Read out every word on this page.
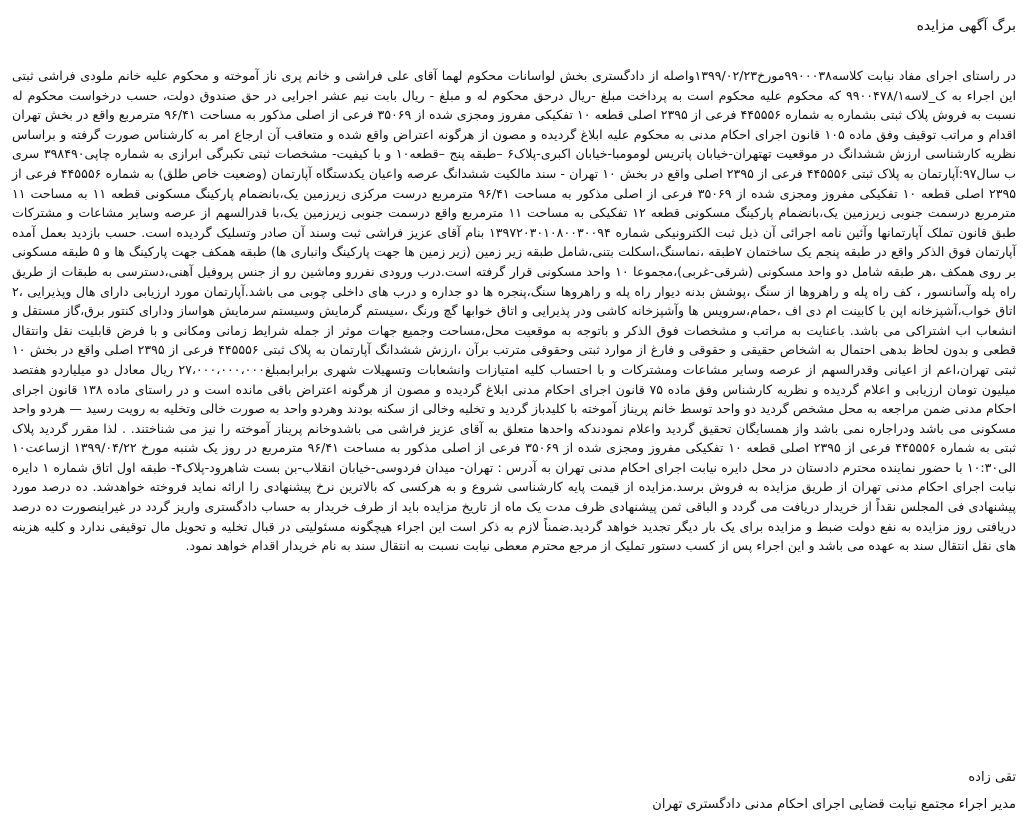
برگ آگهی مزایده

در راستای اجرای مفاد نیابت کلاسه۹۹۰۰۰۳۸مورخ۱۳۹۹/۰۲/۲۳واصله از دادگستری بخش لواسانات محکوم لهما آقای علی فراشی و خانم پری ناز آموخته و محکوم علیه خانم ملودی فراشی ثبتی این اجراء به ک_لاسه۹۹۰۰۴۷۸/۱ که محکوم علیه محکوم است به پرداخت مبلغ -ریال درحق محکوم له و مبلغ - ریال بابت نیم عشر اجرایی در حق صندوق دولت، حسب درخواست محکوم له نسبت به فروش پلاک ثبتی بشماره به شماره ۴۴۵۵۵۶ فرعی از ۲۳۹۵ اصلی قطعه ۱۰ تفکیکی مفروز ومجزی شده از ۳۵۰۶۹ فرعی از اصلی مذکور به مساحت ۹۶/۴۱ مترمربع واقع در بخش تهران اقدام و مراتب توقیف وفق ماده ۱۰۵ قانون اجرای احکام مدنی به محکوم علیه ابلاغ گردیده و مصون از هرگونه اعتراض واقع شده و متعاقب آن ارجاع امر به کارشناس صورت گرفته و براساس نظریه کارشناسی ارزش ششدانگ در موقعیت تهتهران-خیابان پاتریس لومومبا-خیابان اکبری-پلاک۶ –طبقه پنج –قطعه۱۰ و با کیفیت- مشخصات ثبتی تکبرگی ابرازی به شماره چاپی۳۹۸۴۹۰ سری ب سال۹۷:آپارتمان به پلاک ثبتی ۴۴۵۵۵۶ فرعی از ۲۳۹۵ اصلی واقع در بخش ۱۰ تهران - سند مالکیت ششدانگ عرصه واعیان یکدستگاه آپارتمان (وضعیت خاص طلق) به شماره ۴۴۵۵۵۶ فرعی از ۲۳۹۵ اصلی قطعه ۱۰ تفکیکی مفروز ومجزی شده از ۳۵۰۶۹ فرعی از اصلی مذکور به مساحت ۹۶/۴۱ مترمربع درست مرکزی زیرزمین یک،بانضمام پارکینگ مسکونی قطعه ۱۱ به مساحت ۱۱ مترمربع درسمت جنوبی زیرزمین یک،بانضمام پارکینگ مسکونی قطعه ۱۲ تفکیکی به مساحت ۱۱ مترمربع واقع درسمت جنوبی زیرزمین یک،با قدرالسهم از عرصه وسایر مشاعات و مشترکات طبق قانون تملک آپارتمانها وآئین نامه اجرائی آن ذیل ثبت الکترونیکی شماره ۱۳۹۷۲۰۳۰۱۰۸۰۰۳۰۰۹۴ بنام آقای عزیز فراشی ثبت وسند آن صادر وتسلیک گردیده است. حسب بازدید بعمل آمده آپارتمان فوق الذکر واقع در طبقه پنجم یک ساختمان ۷طبقه ،نماسنگ،اسکلت بتنی،شامل طبقه زیر زمین (زیر زمین ها جهت پارکینگ وانباری ها) طبقه همکف جهت پارکینگ ها و ۵ طبقه مسکونی بر روی همکف ،هر طبقه شامل دو واحد مسکونی (شرقی-غربی)،مجموعا ۱۰ واحد مسکونی قرار گرفته است.درب ورودی نفررو وماشین رو از جنس پروفیل آهنی،دسترسی به طبقات از طریق راه پله وآسانسور ، کف راه پله و راهروها از سنگ ،پوشش بدنه دیوار راه پله و راهروها سنگ،پنجره ها دو جداره و درب های داخلی چوبی می باشد.آپارتمان مورد ارزیابی دارای هال وپذیرایی ،۲ اتاق خواب،آشپزخانه اپن با کابینت ام دی اف ،حمام،سرویس ها وآشپزخانه کاشی ودر پذیرایی و اتاق خوابها گچ ورنگ ،سیستم گرمایش وسیستم سرمایش هواساز ودارای کنتور برق،گاز مستقل و انشعاب اب اشتراکی می باشد. باعنایت به مراتب و مشخصات فوق الذکر و باتوجه به موقعیت محل،مساحت وجمیع جهات موثر از جمله شرایط زمانی ومکانی و با فرض قابلیت نقل وانتقال قطعی و بدون لحاظ بدهی احتمال به اشخاص حقیقی و حقوقی و فارغ از موارد ثبتی وحقوقی مترتب برآن ،ارزش ششدانگ آپارتمان به پلاک ثبتی ۴۴۵۵۵۶ فرعی از ۲۳۹۵ اصلی واقع در بخش ۱۰ ثبتی تهران،اعم از اعیانی وقدرالسهم از عرصه وسایر مشاعات ومشترکات و با احتساب کلیه امتیازات وانشعابات وتسهیلات شهری برابرابمبلغ۲۷،۰۰۰،۰۰۰،۰۰۰ ریال معادل دو میلیاردو هفتصد میلیون تومان ارزیابی و اعلام گردیده و نظریه کارشناس وفق ماده ۷۵ قانون اجرای احکام مدنی ابلاغ گردیده و مصون از هرگونه اعتراض باقی مانده است و در راستای ماده ۱۳۸ قانون اجرای احکام مدنی ضمن مراجعه به محل مشخص گردید دو واحد توسط خانم پریناز آموخته با کلیدباز گردید و تخلیه وخالی از سکنه بودند وهردو واحد به صورت خالی وتخلیه به رویت رسید — هردو واحد مسکونی می باشد ودراجاره نمی باشد واز همسایگان تحقیق گردید واعلام نمودندکه واحدها متعلق به آقای عزیز فراشی می باشدوخانم پریناز آموخته را نیز می شناختند. . لذا مقرر گردید پلاک ثبتی به شماره ۴۴۵۵۵۶ فرعی از ۲۳۹۵ اصلی قطعه ۱۰ تفکیکی مفروز ومجزی شده از ۳۵۰۶۹ فرعی از اصلی مذکور به مساحت ۹۶/۴۱ مترمربع در روز یک شنبه مورخ ۱۳۹۹/۰۴/۲۲ ازساعت۱۰ الی۱۰:۳۰ با حضور نماینده محترم دادستان در محل دایره نیابت اجرای احکام مدنی تهران به آدرس : تهران- میدان فردوسی-خیابان انقلاب-بن بست شاهرود-پلاک۴- طبقه اول اتاق شماره ۱ دایره نیابت اجرای احکام مدنی تهران از طریق مزایده به فروش برسد.مزایده از قیمت پایه کارشناسی شروع و به هرکسی که بالاترین نرخ پیشنهادی را ارائه نماید فروخته خواهدشد. ده درصد مورد پیشنهادی فی المجلس نقداً از خریدار دریافت می گردد و الباقی ثمن پیشنهادی ظرف مدت یک ماه از تاریخ مزایده باید از طرف خریدار به حساب دادگستری واریز گردد در غیراینصورت ده درصد دریافتی روز مزایده به نفع دولت ضبط و مزایده برای یک بار دیگر تجدید خواهد گردید.ضمناً لازم به ذکر است این اجراء هیچگونه مسئولیتی در قبال تخلیه و تحویل مال توقیفی ندارد و کلیه هزینه های نقل انتقال سند به عهده می باشد و این اجراء پس از کسب دستور تملیک از مرجع محترم معطی نیابت نسبت به انتقال سند به نام خریدار اقدام خواهد نمود.

تقی زاده

مدیر اجراء مجتمع نیابت قضایی اجرای احکام مدنی دادگستری تهران
